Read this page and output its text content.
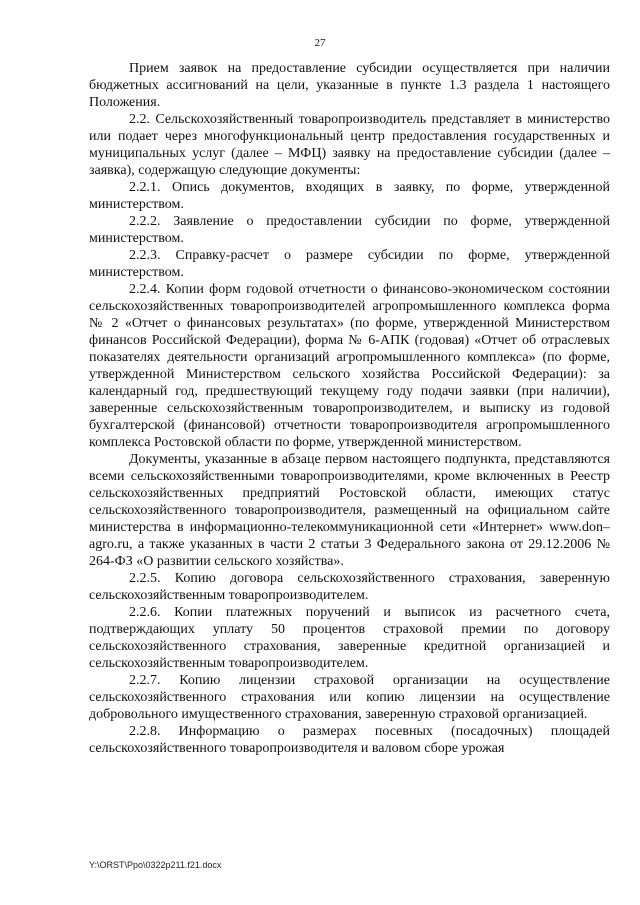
27

Прием заявок на предоставление субсидии осуществляется при наличии бюджетных ассигнований на цели, указанные в пункте 1.3 раздела 1 настоящего Положения.

2.2. Сельскохозяйственный товаропроизводитель представляет в министерство или подает через многофункциональный центр предоставления государственных и муниципальных услуг (далее – МФЦ) заявку на предоставление субсидии (далее – заявка), содержащую следующие документы:

2.2.1. Опись документов, входящих в заявку, по форме, утвержденной министерством.

2.2.2. Заявление о предоставлении субсидии по форме, утвержденной министерством.

2.2.3. Справку-расчет о размере субсидии по форме, утвержденной министерством.

2.2.4. Копии форм годовой отчетности о финансово-экономическом состоянии сельскохозяйственных товаропроизводителей агропромышленного комплекса форма № 2 «Отчет о финансовых результатах» (по форме, утвержденной Министерством финансов Российской Федерации), форма № 6-АПК (годовая) «Отчет об отраслевых показателях деятельности организаций агропромышленного комплекса» (по форме, утвержденной Министерством сельского хозяйства Российской Федерации): за календарный год, предшествующий текущему году подачи заявки (при наличии), заверенные сельскохозяйственным товаропроизводителем, и выписку из годовой бухгалтерской (финансовой) отчетности товаропроизводителя агропромышленного комплекса Ростовской области по форме, утвержденной министерством.

Документы, указанные в абзаце первом настоящего подпункта, представляются всеми сельскохозяйственными товаропроизводителями, кроме включенных в Реестр сельскохозяйственных предприятий Ростовской области, имеющих статус сельскохозяйственного товаропроизводителя, размещенный на официальном сайте министерства в информационно-телекоммуникационной сети «Интернет» www.don–agro.ru, а также указанных в части 2 статьи 3 Федерального закона от 29.12.2006 № 264-ФЗ «О развитии сельского хозяйства».

2.2.5. Копию договора сельскохозяйственного страхования, заверенную сельскохозяйственным товаропроизводителем.

2.2.6. Копии платежных поручений и выписок из расчетного счета, подтверждающих уплату 50 процентов страховой премии по договору сельскохозяйственного страхования, заверенные кредитной организацией и сельскохозяйственным товаропроизводителем.

2.2.7. Копию лицензии страховой организации на осуществление сельскохозяйственного страхования или копию лицензии на осуществление добровольного имущественного страхования, заверенную страховой организацией.

2.2.8. Информацию о размерах посевных (посадочных) площадей сельскохозяйственного товаропроизводителя и валовом сборе урожая

Y:\ORST\Ppo\0322p211.f21.docx
